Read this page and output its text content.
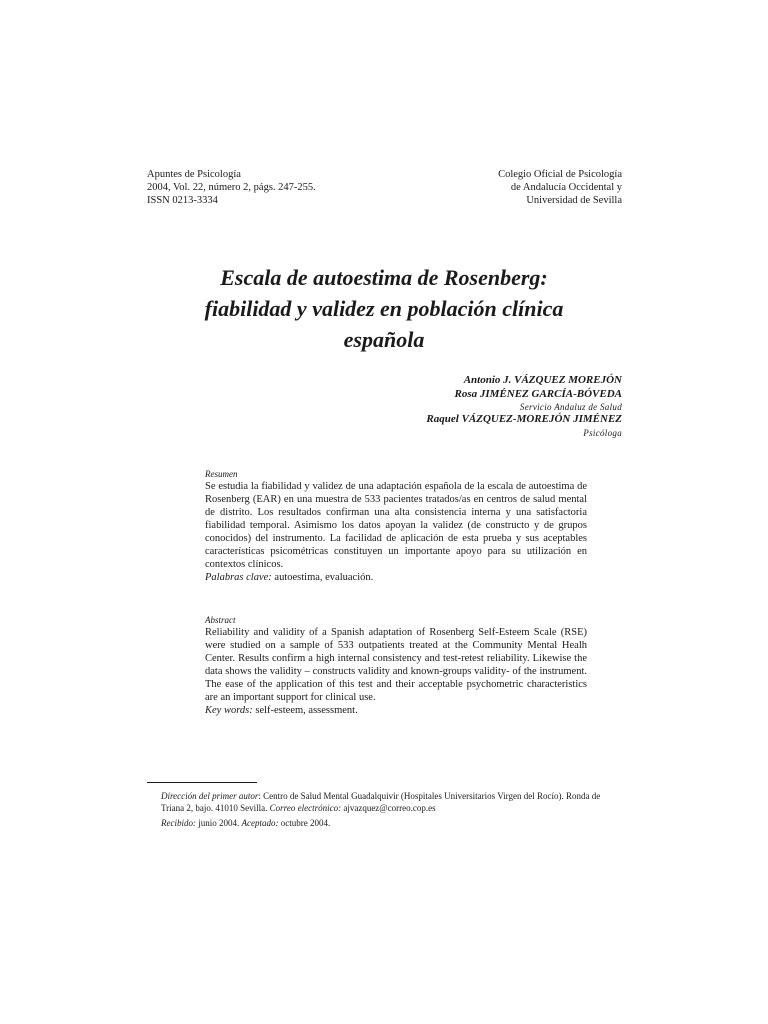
Apuntes de Psicología
2004, Vol. 22, número 2, págs. 247-255.
ISSN 0213-3334
Colegio Oficial de Psicología
de Andalucía Occidental y
Universidad de Sevilla
Escala de autoestima de Rosenberg:
fiabilidad y validez en población clínica
española
Antonio J. VÁZQUEZ MOREJÓN
Rosa JIMÉNEZ GARCÍA-BÓVEDA
Servicio Andaluz de Salud
Raquel VÁZQUEZ-MOREJÓN JIMÉNEZ
Psicóloga
Resumen
Se estudia la fiabilidad y validez de una adaptación española de la escala de autoestima de Rosenberg (EAR) en una muestra de 533 pacientes tratados/as en centros de salud mental de distrito. Los resultados confirman una alta consistencia interna y una satisfactoria fiabilidad temporal. Asimismo los datos apoyan la validez (de constructo y de grupos conocidos) del instrumento. La facilidad de aplicación de esta prueba y sus aceptables características psicométricas constituyen un importante apoyo para su utilización en contextos clínicos.
Palabras clave: autoestima, evaluación.
Abstract
Reliability and validity of a Spanish adaptation of Rosenberg Self-Esteem Scale (RSE) were studied on a sample of 533 outpatients treated at the Community Mental Healh Center. Results confirm a high internal consistency and test-retest reliability. Likewise the data shows the validity – constructs validity and known-groups validity- of the instrument. The ease of the application of this test and their acceptable psychometric characteristics are an important support for clinical use.
Key words: self-esteem, assessment.

Dirección del primer autor: Centro de Salud Mental Guadalquivir (Hospitales Universitarios Virgen del Rocío). Ronda de Triana 2, bajo. 41010 Sevilla. Correo electrónico: ajvazquez@correo.cop.es

Recibido: junio 2004. Aceptado: octubre 2004.
